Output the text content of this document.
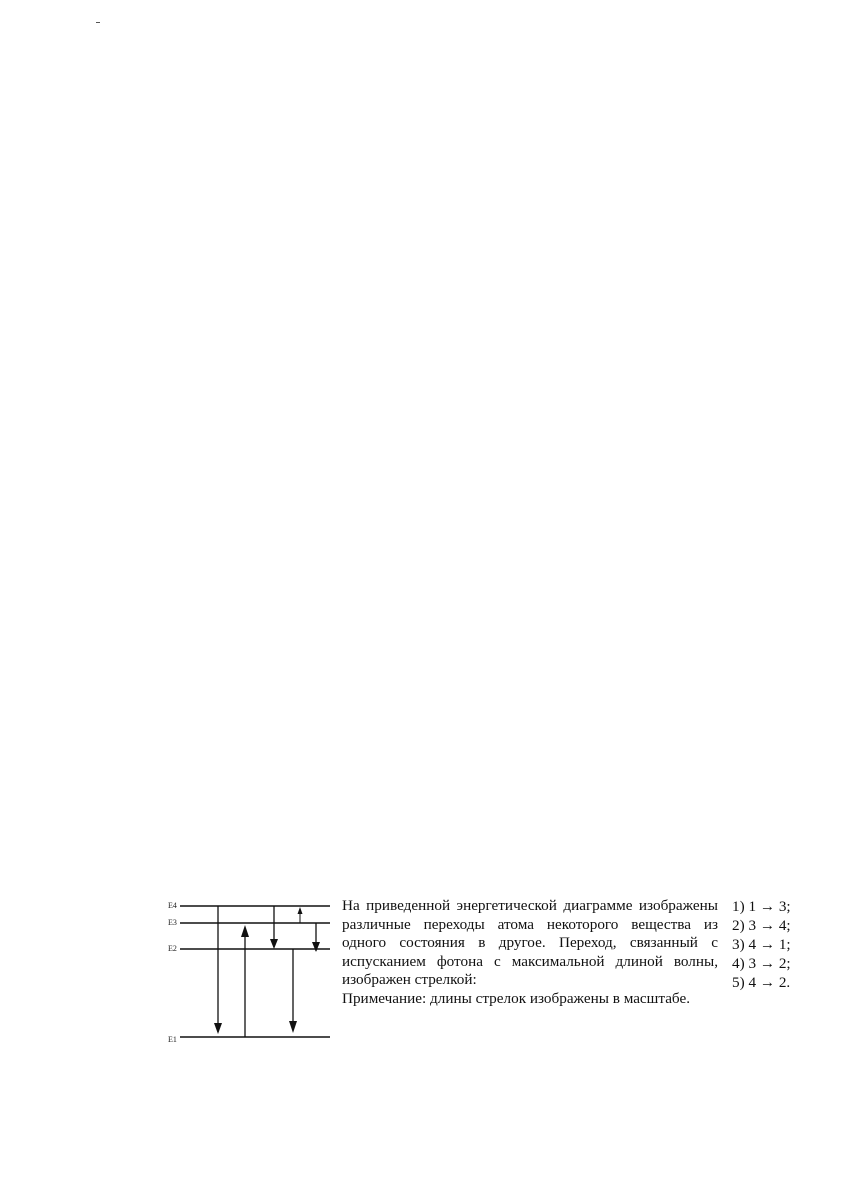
E4
E3
E2
E1

На приведенной энергетической диаграмме изображены различные переходы атома некоторого вещества из одного состояния в другое. Переход, связанный с испусканием фотона с максимальной длиной волны, изображен стрелкой:

Примечание: длины стрелок изображены в масштабе.

1) 1 → 3;
2) 3 → 4;
3) 4 → 1;
4) 3 → 2;
5) 4 → 2.
